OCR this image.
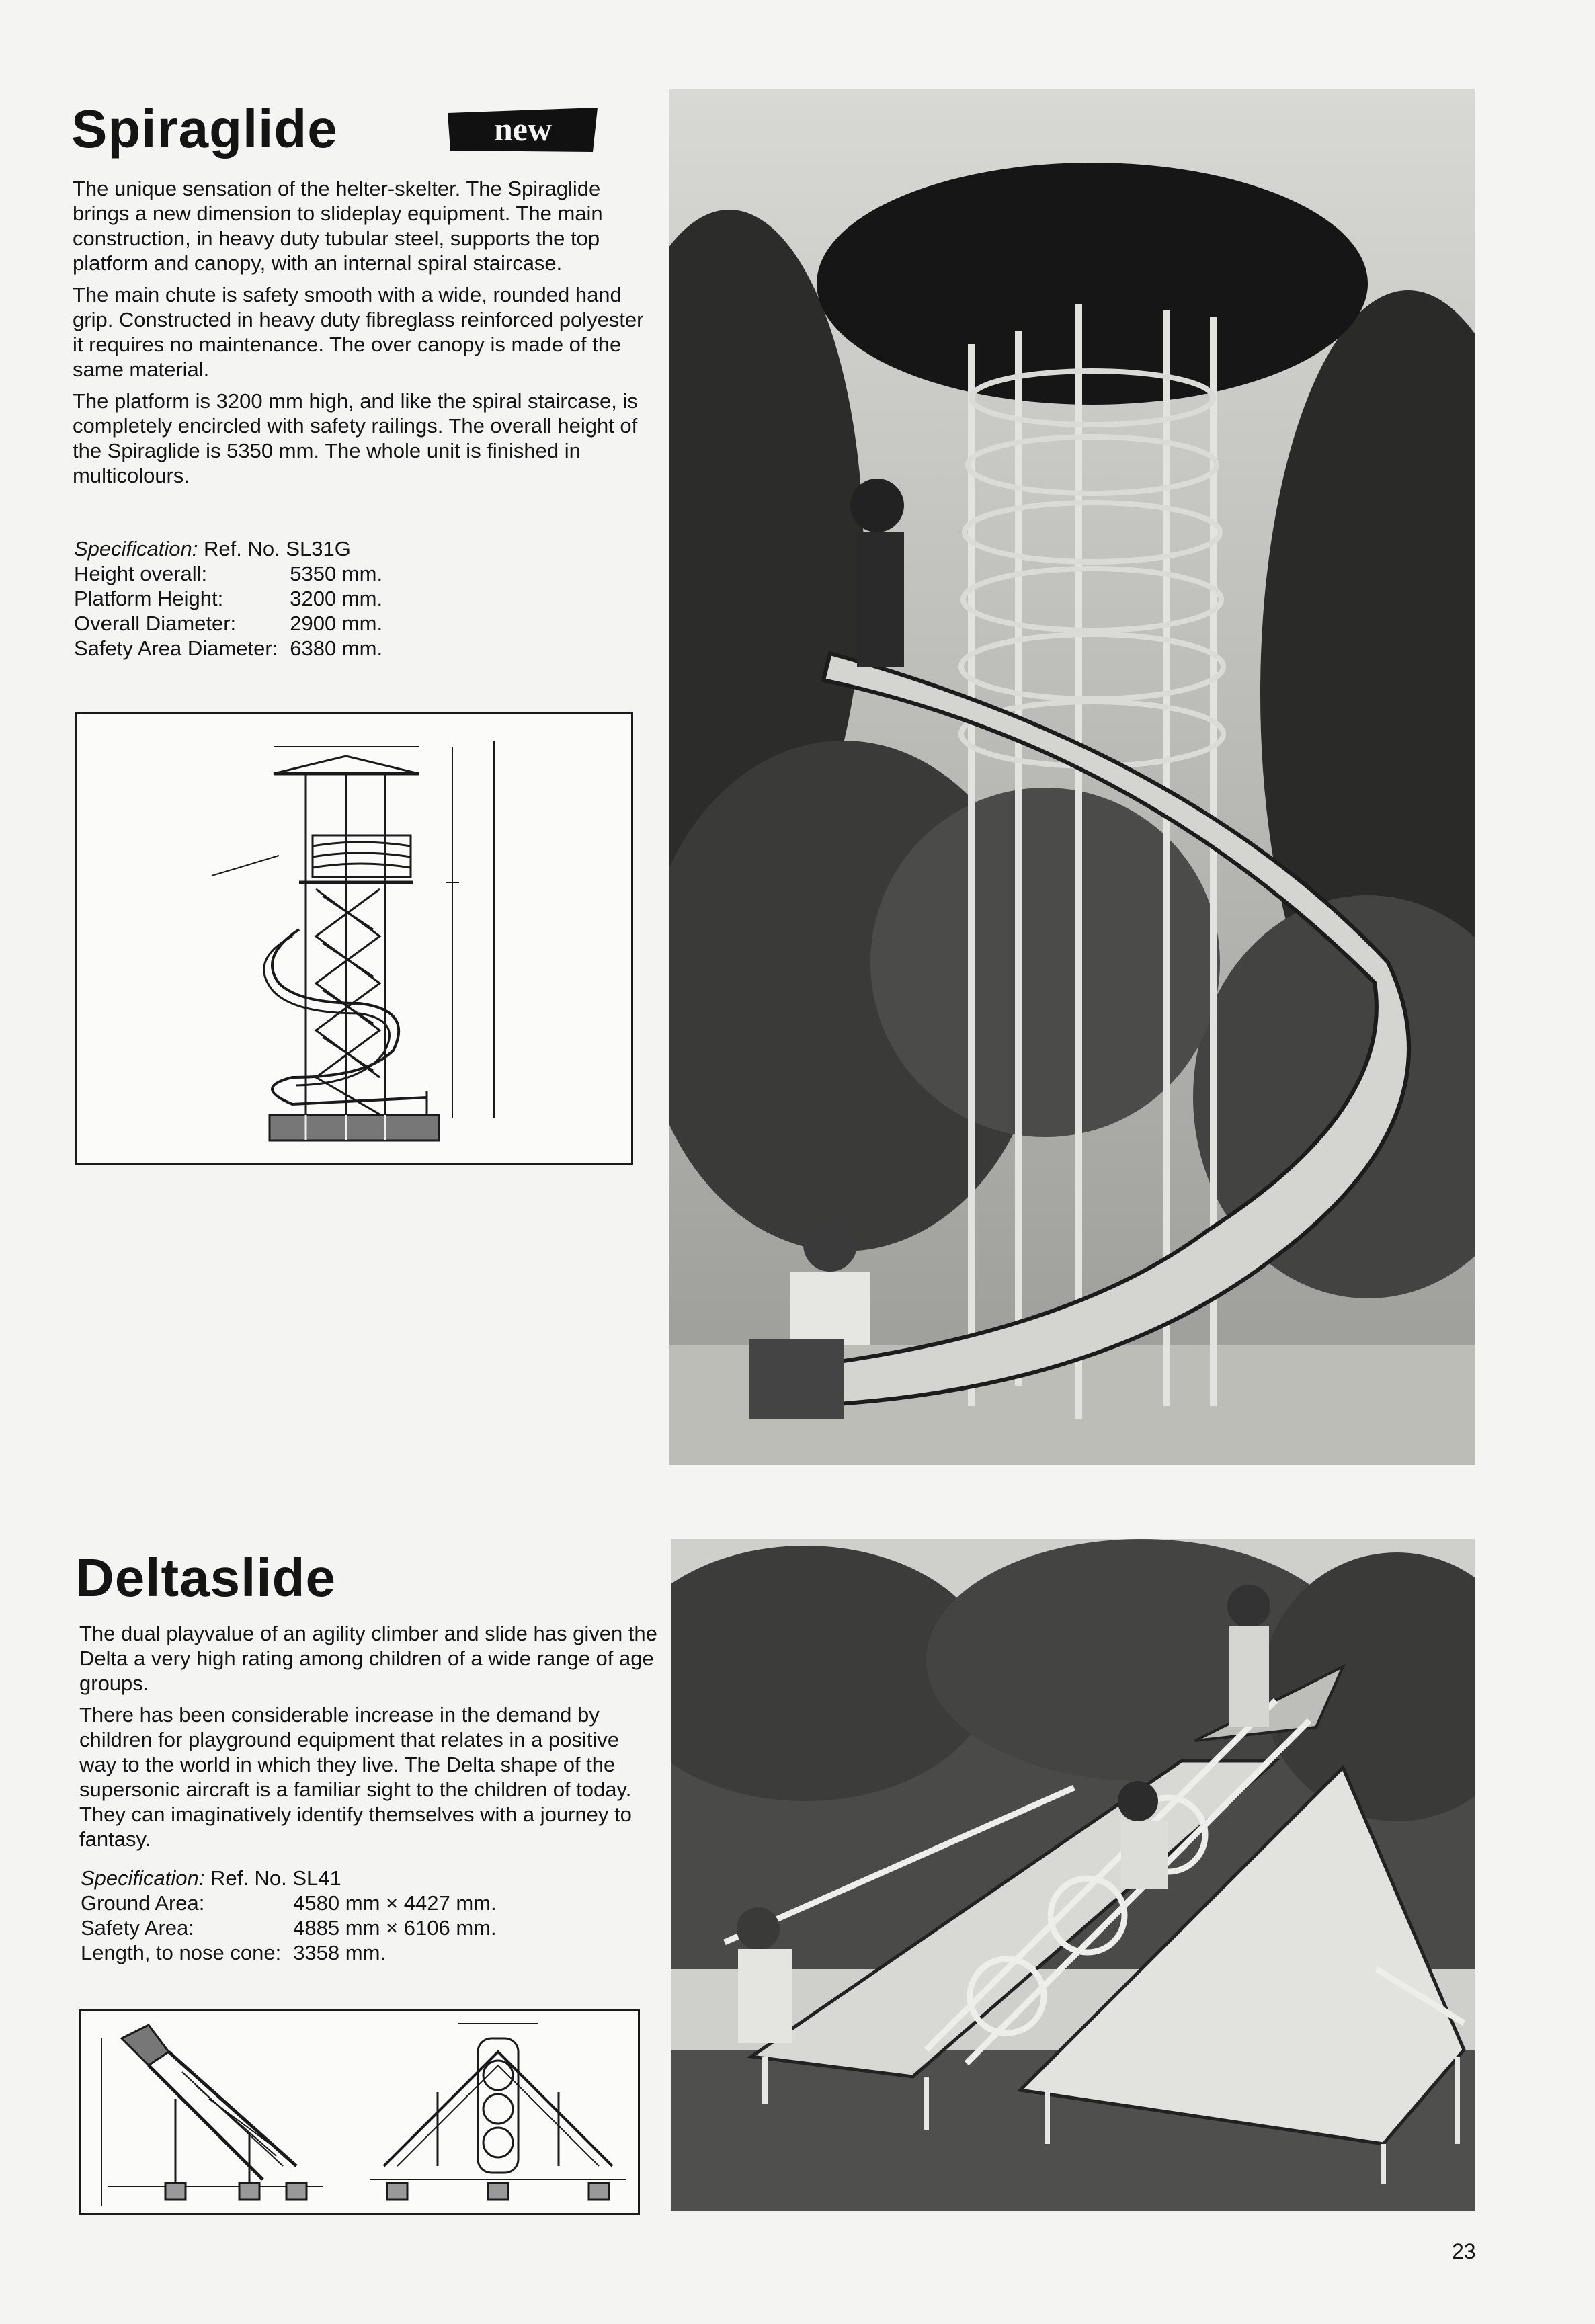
Spiraglide	new

The unique sensation of the helter-skelter. The Spiraglide brings a new dimension to slideplay equipment. The main construction, in heavy duty tubular steel, supports the top platform and canopy, with an internal spiral staircase.

The main chute is safety smooth with a wide, rounded hand grip. Constructed in heavy duty fibreglass reinforced polyester it requires no maintenance. The over canopy is made of the same material.

The platform is 3200 mm high, and like the spiral staircase, is completely encircled with safety railings. The overall height of the Spiraglide is 5350 mm. The whole unit is finished in multicolours.

Specification: Ref. No. SL31G
Height overall:	5350 mm.
Platform Height:	3200 mm.
Overall Diameter:	2900 mm.
Safety Area Diameter:	6380 mm.
Deltaslide

The dual playvalue of an agility climber and slide has given the Delta a very high rating among children of a wide range of age groups.

There has been considerable increase in the demand by children for playground equipment that relates in a positive way to the world in which they live. The Delta shape of the supersonic aircraft is a familiar sight to the children of today. They can imaginatively identify themselves with a journey to fantasy.

Specification: Ref. No. SL41
Ground Area:	4580 mm × 4427 mm.
Safety Area:	4885 mm × 6106 mm.
Length, to nose cone:	3358 mm.
23
